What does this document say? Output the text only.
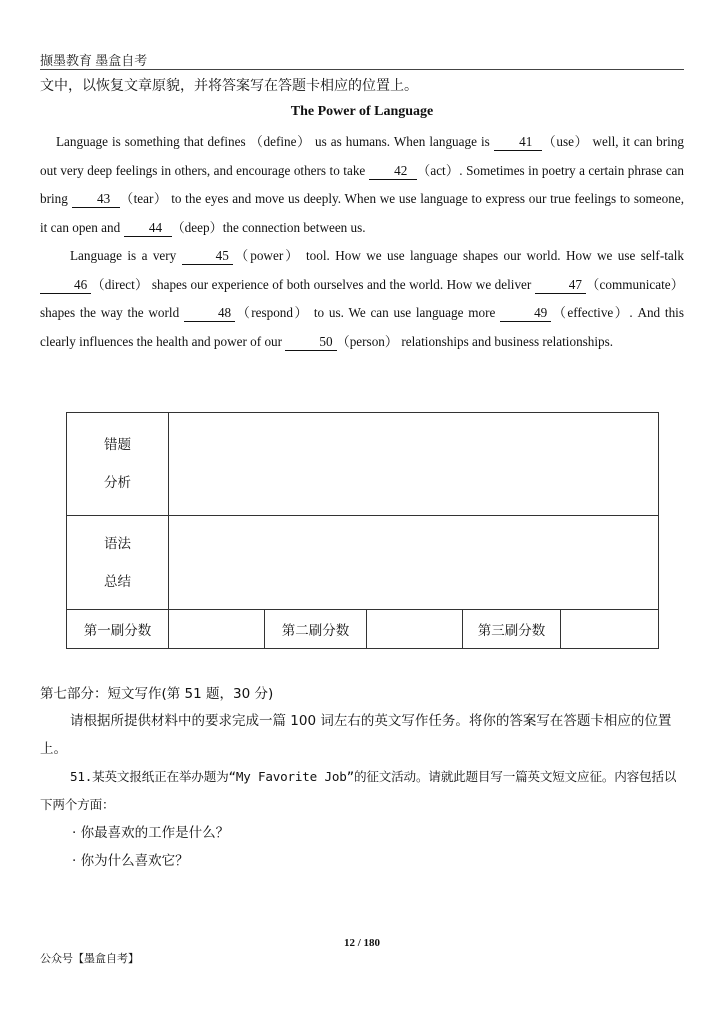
撷墨教育 墨盒自考
文中，以恢复文章原貌，并将答案写在答题卡相应的位置上。
The Power of Language

Language is something that defines （define） us as humans. When language is 41 （use） well, it can bring out very deep feelings in others, and encourage others to take 42 （act）. Sometimes in poetry a certain phrase can bring 43 （tear） to the eyes and move us deeply. When we use language to express our true feelings to someone, it can open and 44 （deep）the connection between us.

Language is a very	45 （power） tool. How we use language shapes our world. How we use self-talk 46 （direct） shapes our experience of both ourselves and the world. How we deliver	47 （communicate） shapes the way the world	48 （respond） to us. We can use language more	49 （effective）. And this clearly influences the health and power of our	50 （person） relationships and business relationships.

错题
分析					

语法
总结					

第一刷分数		第二刷分数		第三刷分数	
第七部分：短文写作(第 51 题，30 分)

请根据所提供材料中的要求完成一篇 100 词左右的英文写作任务。将你的答案写在答题卡相应的位置上。

51.某英文报纸正在举办题为“My Favorite Job”的征文活动。请就此题目写一篇英文短文应征。内容包括以下两个方面：

· 你最喜欢的工作是什么？
· 你为什么喜欢它？
12 / 180
公众号【墨盒自考】
